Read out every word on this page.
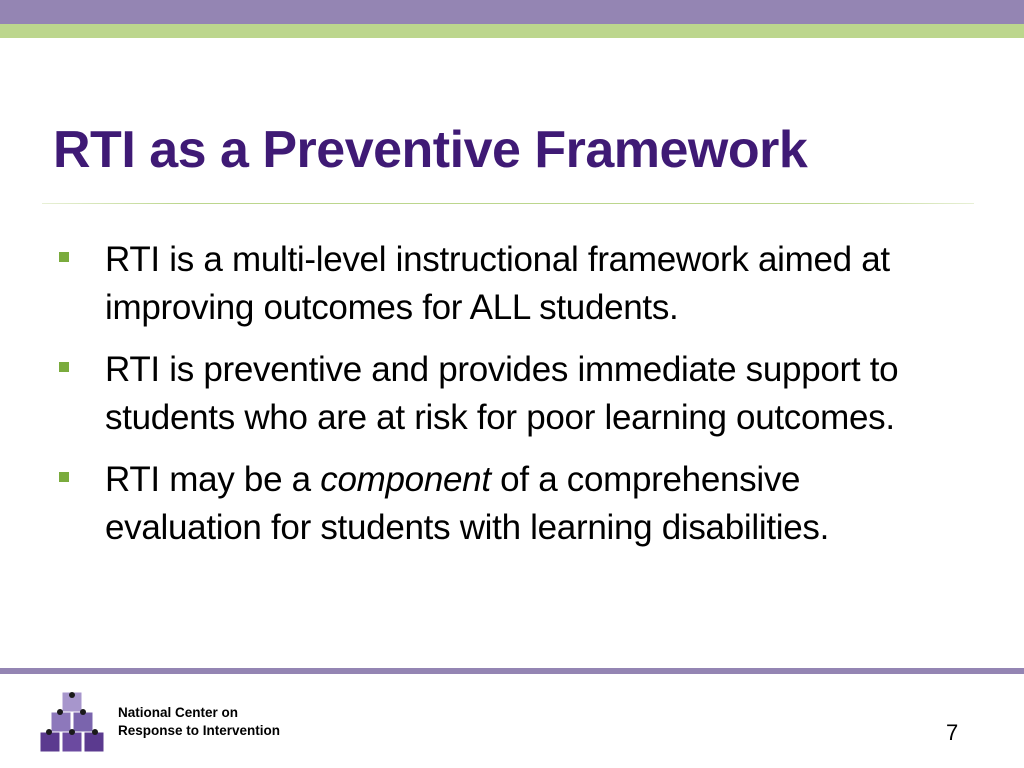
RTI as a Preventive Framework
RTI is a multi-level instructional framework aimed at improving outcomes for ALL students.
RTI is preventive and provides immediate support to students who are at risk for poor learning outcomes.
RTI may be a component of a comprehensive evaluation for students with learning disabilities.
National Center on
Response to Intervention	7
